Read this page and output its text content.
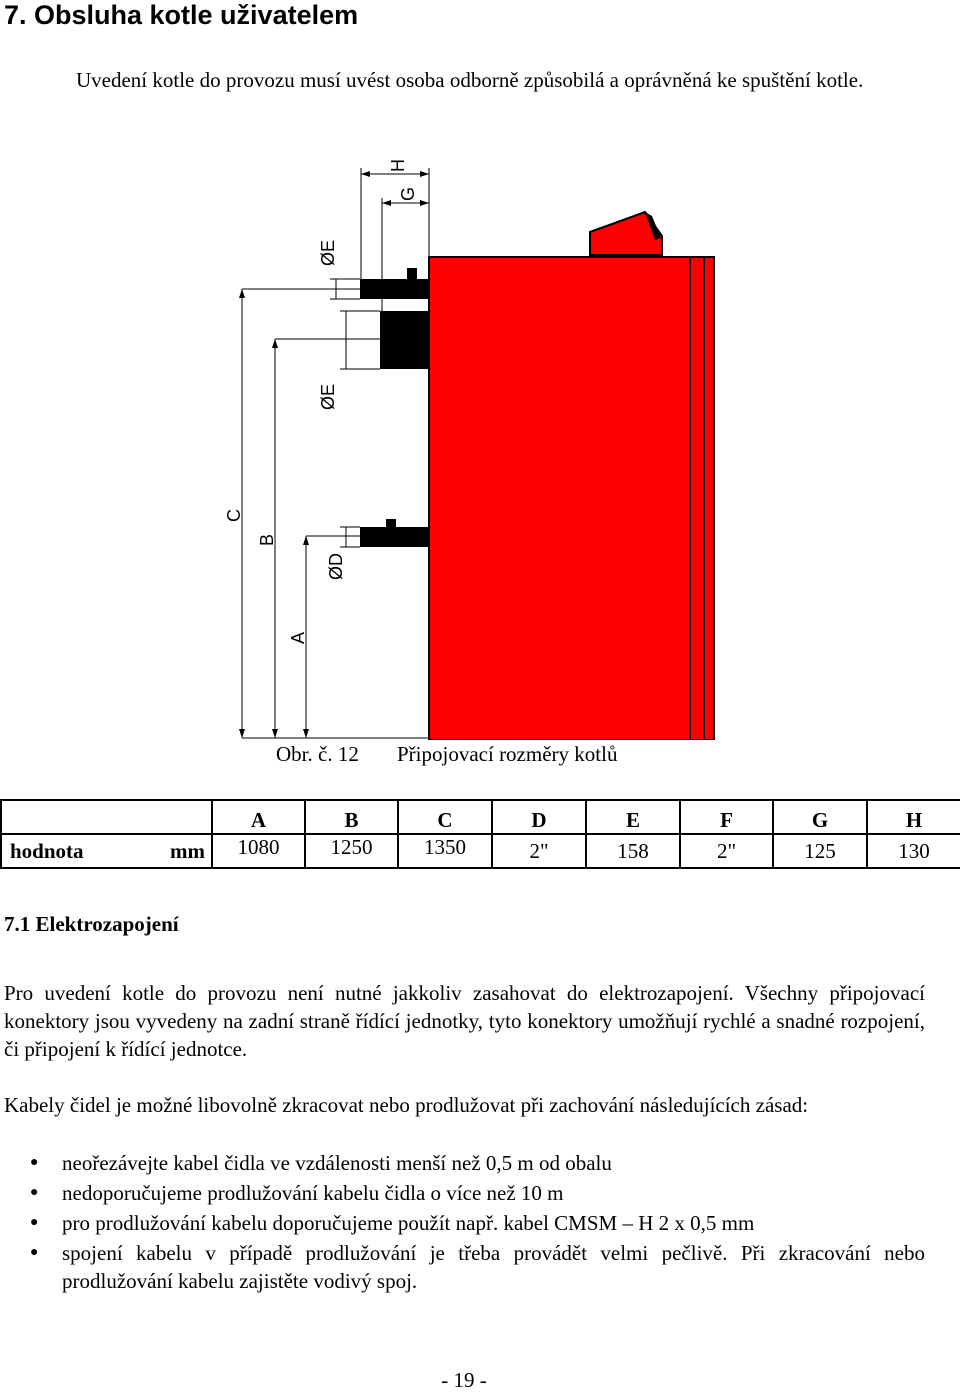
7. Obsluha kotle uživatelem
Uvedení kotle do provozu musí uvést osoba odborně způsobilá a oprávněná ke spuštění kotle.
C
B
A
ØE
ØE
ØD
H
G
Obr. č. 12 Připojovací rozměry kotlů
		A	B	C	D	E	F	G	H
hodnota	mm	1080	1250	1350	2"	158	2"	125	130
7.1 Elektrozapojení
Pro uvedení kotle do provozu není nutné jakkoliv zasahovat do elektrozapojení. Všechny připojovací konektory jsou vyvedeny na zadní straně řídící jednotky, tyto konektory umožňují rychlé a snadné rozpojení, či připojení k řídící jednotce.
Kabely čidel je možné libovolně zkracovat nebo prodlužovat při zachování následujících zásad:
● neořezávejte kabel čidla ve vzdálenosti menší než 0,5 m od obalu
● nedoporučujeme prodlužování kabelu čidla o více než 10 m
● pro prodlužování kabelu doporučujeme použít např. kabel CMSM – H 2 x 0,5 mm
● spojení kabelu v případě prodlužování je třeba provádět velmi pečlivě. Při zkracování nebo prodlužování kabelu zajistěte vodivý spoj.
- 19 -
